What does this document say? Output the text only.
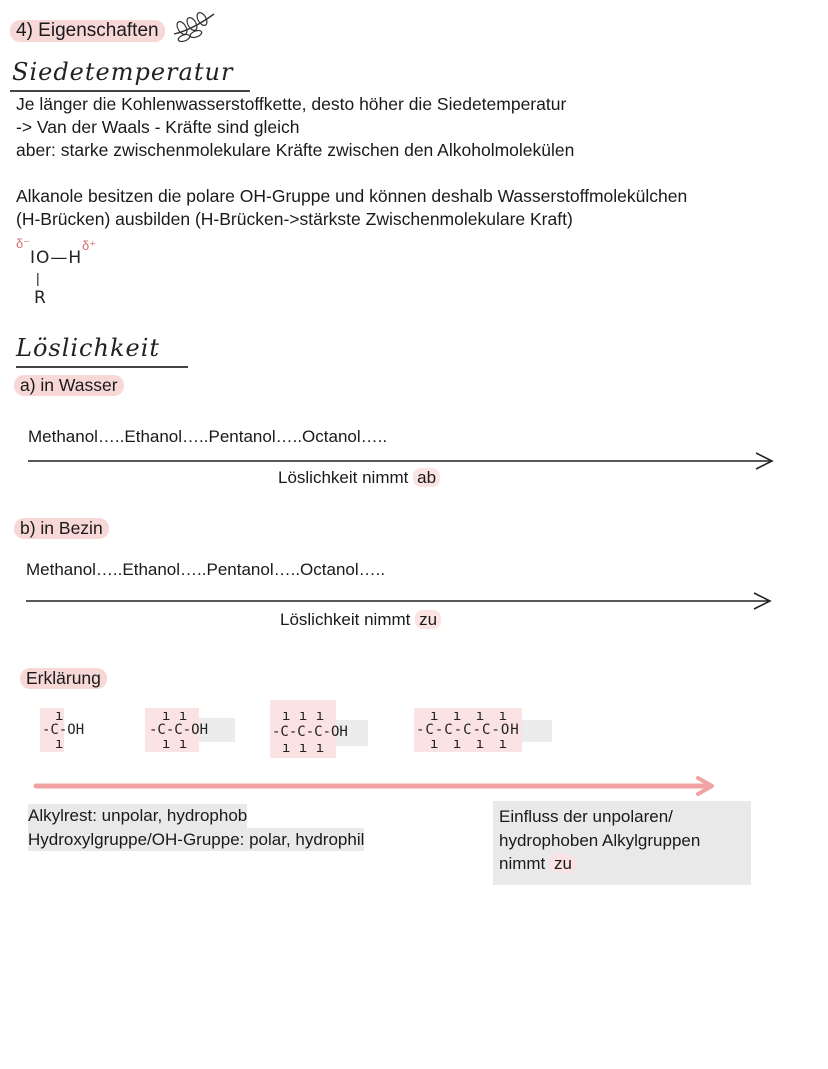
4) Eigenschaften
Siedetemperatur
Je länger die Kohlenwasserstoffkette, desto höher die Siedetemperatur
-> Van der Waals - Kräfte sind gleich
aber: starke zwischenmolekulare Kräfte zwischen den Alkoholmolekülen
Alkanole besitzen die polare OH-Gruppe und können deshalb Wasserstoffmolekülchen
(H-Brücken) ausbilden (H-Brücken->stärkste Zwischenmolekulare Kraft)
δ⁻
IO—H
δ⁺
|
R
Löslichkeit
a) in Wasser
Methanol…..Ethanol…..Pentanol…..Octanol…..
Löslichkeit nimmt ab
b) in Bezin
Methanol…..Ethanol…..Pentanol…..Octanol…..
Löslichkeit nimmt zu
Erklärung
-C-OH
ı
ı
-C-C-OH
ı ı
ı ı
-C-C-C-OH
ı ı ı
ı ı ı
-C-C-C-C-OH
ı ı ı ı
ı ı ı ı
Alkylrest: unpolar, hydrophob
Hydroxylgruppe/OH-Gruppe: polar, hydrophil
Einfluss der unpolaren/
hydrophoben Alkylgruppen
nimmt zu
